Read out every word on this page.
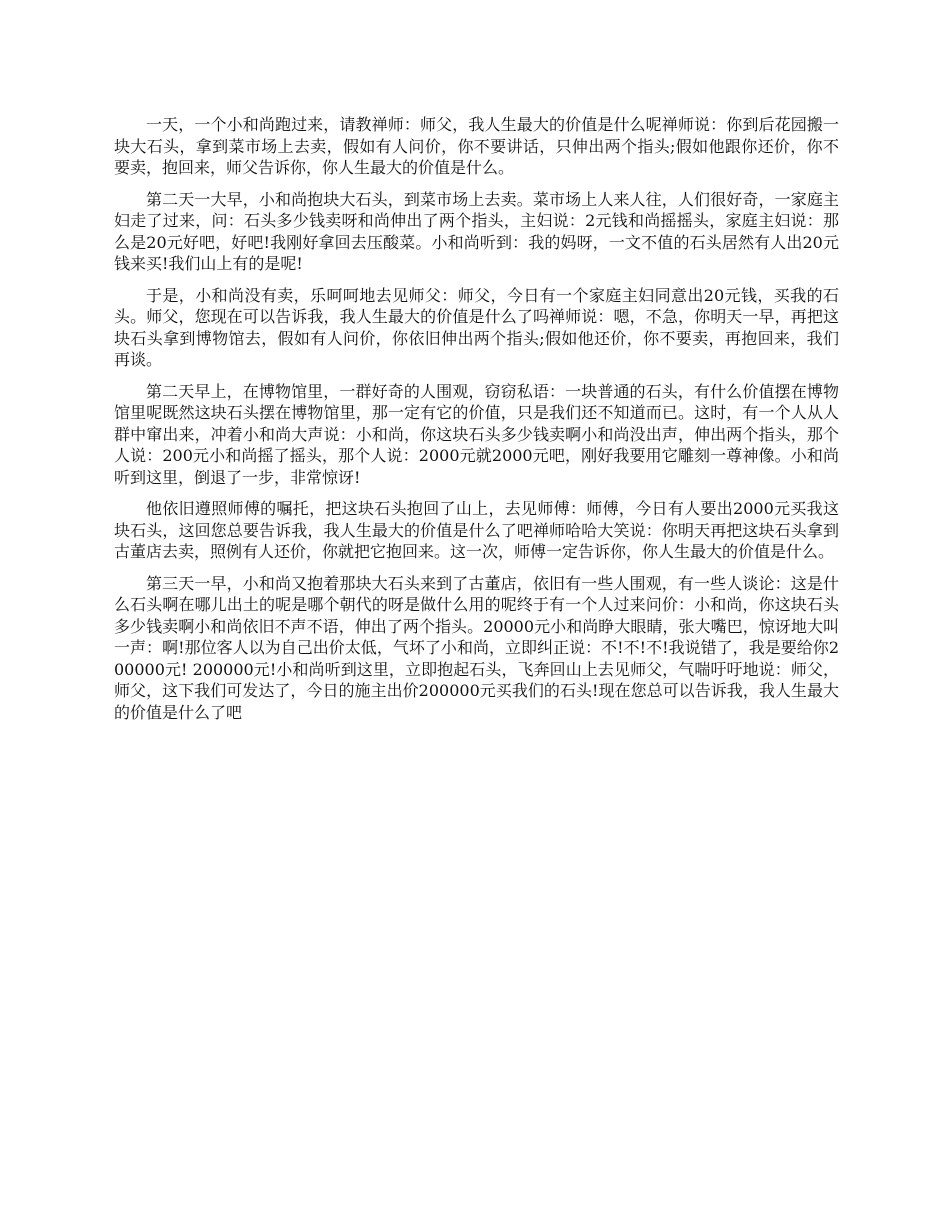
一天，一个小和尚跑过来，请教禅师：师父，我人生最大的价值是什么呢禅师说：你到后花园搬一块大石头，拿到菜市场上去卖，假如有人问价，你不要讲话，只伸出两个指头;假如他跟你还价，你不要卖，抱回来，师父告诉你，你人生最大的价值是什么。

第二天一大早，小和尚抱块大石头，到菜市场上去卖。菜市场上人来人往，人们很好奇，一家庭主妇走了过来，问：石头多少钱卖呀和尚伸出了两个指头，主妇说：2元钱和尚摇摇头，家庭主妇说：那么是20元好吧，好吧!我刚好拿回去压酸菜。小和尚听到：我的妈呀，一文不值的石头居然有人出20元钱来买!我们山上有的是呢!

于是，小和尚没有卖，乐呵呵地去见师父：师父，今日有一个家庭主妇同意出20元钱，买我的石头。师父，您现在可以告诉我，我人生最大的价值是什么了吗禅师说：嗯，不急，你明天一早，再把这块石头拿到博物馆去，假如有人问价，你依旧伸出两个指头;假如他还价，你不要卖，再抱回来，我们再谈。

第二天早上，在博物馆里，一群好奇的人围观，窃窃私语：一块普通的石头，有什么价值摆在博物馆里呢既然这块石头摆在博物馆里，那一定有它的价值，只是我们还不知道而已。这时，有一个人从人群中窜出来，冲着小和尚大声说：小和尚，你这块石头多少钱卖啊小和尚没出声，伸出两个指头，那个人说：200元小和尚摇了摇头，那个人说：2000元就2000元吧，刚好我要用它雕刻一尊神像。小和尚听到这里，倒退了一步，非常惊讶!

他依旧遵照师傅的嘱托，把这块石头抱回了山上，去见师傅：师傅，今日有人要出2000元买我这块石头，这回您总要告诉我，我人生最大的价值是什么了吧禅师哈哈大笑说：你明天再把这块石头拿到古董店去卖，照例有人还价，你就把它抱回来。这一次，师傅一定告诉你，你人生最大的价值是什么。

第三天一早，小和尚又抱着那块大石头来到了古董店，依旧有一些人围观，有一些人谈论：这是什么石头啊在哪儿出土的呢是哪个朝代的呀是做什么用的呢终于有一个人过来问价：小和尚，你这块石头多少钱卖啊小和尚依旧不声不语，伸出了两个指头。20000元小和尚睁大眼睛，张大嘴巴，惊讶地大叫一声：啊!那位客人以为自己出价太低，气坏了小和尚，立即纠正说：不!不!不!我说错了，我是要给你200000元! 200000元!小和尚听到这里，立即抱起石头，飞奔回山上去见师父，气喘吁吁地说：师父，师父，这下我们可发达了，今日的施主出价200000元买我们的石头!现在您总可以告诉我，我人生最大的价值是什么了吧
